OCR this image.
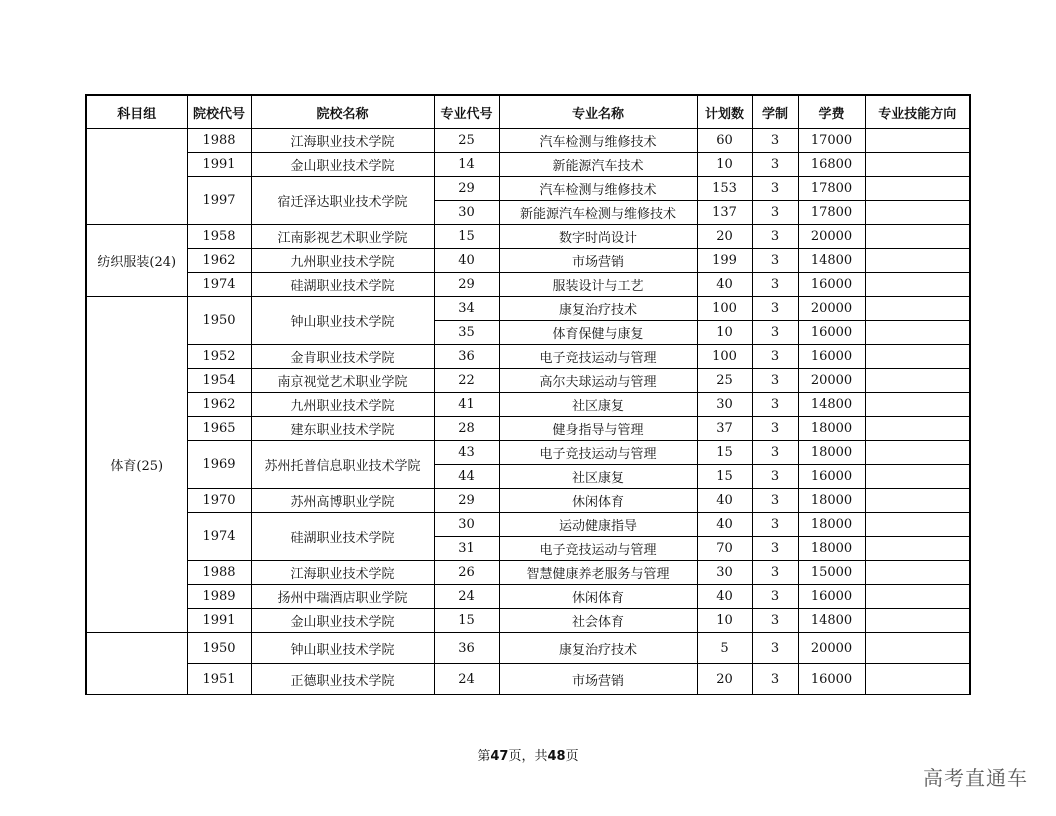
科目组	院校代号	院校名称	专业代号	专业名称	计划数	学制	学费	专业技能方向
	1988	江海职业技术学院	25	汽车检测与维修技术	60	3	17000	
	1991	金山职业技术学院	14	新能源汽车技术	10	3	16800	
	1997	宿迁泽达职业技术学院	29	汽车检测与维修技术	153	3	17800	
			30	新能源汽车检测与维修技术	137	3	17800	
纺织服装(24)	1958	江南影视艺术职业学院	15	数字时尚设计	20	3	20000	
	1962	九州职业技术学院	40	市场营销	199	3	14800	
	1974	硅湖职业技术学院	29	服装设计与工艺	40	3	16000	
体育(25)	1950	钟山职业技术学院	34	康复治疗技术	100	3	20000	
			35	体育保健与康复	10	3	16000	
	1952	金肯职业技术学院	36	电子竞技运动与管理	100	3	16000	
	1954	南京视觉艺术职业学院	22	高尔夫球运动与管理	25	3	20000	
	1962	九州职业技术学院	41	社区康复	30	3	14800	
	1965	建东职业技术学院	28	健身指导与管理	37	3	18000	
	1969	苏州托普信息职业技术学院	43	电子竞技运动与管理	15	3	18000	
			44	社区康复	15	3	16000	
	1970	苏州高博职业学院	29	休闲体育	40	3	18000	
	1974	硅湖职业技术学院	30	运动健康指导	40	3	18000	
			31	电子竞技运动与管理	70	3	18000	
	1988	江海职业技术学院	26	智慧健康养老服务与管理	30	3	15000	
	1989	扬州中瑞酒店职业学院	24	休闲体育	40	3	16000	
	1991	金山职业技术学院	15	社会体育	10	3	14800	
	1950	钟山职业技术学院	36	康复治疗技术	5	3	20000	
	1951	正德职业技术学院	24	市场营销	20	3	16000	
第47页，共48页
高考直通车
